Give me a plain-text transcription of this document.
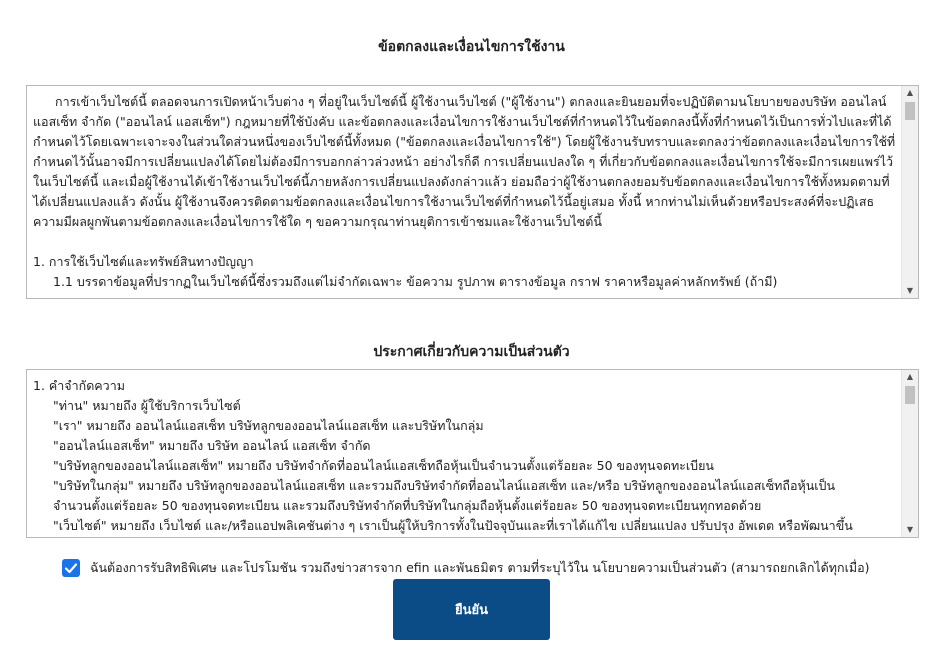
ข้อตกลงและเงื่อนไขการใช้งาน

การเข้าเว็บไซต์นี้ ตลอดจนการเปิดหน้าเว็บต่าง ๆ ที่อยู่ในเว็บไซต์นี้ ผู้ใช้งานเว็บไซต์ ("ผู้ใช้งาน") ตกลงและยินยอมที่จะปฏิบัติตามนโยบายของบริษัท ออนไลน์ แอสเซ็ท จำกัด ("ออนไลน์ แอสเซ็ท") กฎหมายที่ใช้บังคับ และข้อตกลงและเงื่อนไขการใช้งานเว็บไซต์ที่กำหนดไว้ในข้อตกลงนี้ทั้งที่กำหนดไว้เป็นการทั่วไปและที่ได้กำหนดไว้โดยเฉพาะเจาะจงในส่วนใดส่วนหนึ่งของเว็บไซต์นี้ทั้งหมด ("ข้อตกลงและเงื่อนไขการใช้") โดยผู้ใช้งานรับทราบและตกลงว่าข้อตกลงและเงื่อนไขการใช้ที่กำหนดไว้นั้นอาจมีการเปลี่ยนแปลงได้โดยไม่ต้องมีการบอกกล่าวล่วงหน้า อย่างไรก็ดี การเปลี่ยนแปลงใด ๆ ที่เกี่ยวกับข้อตกลงและเงื่อนไขการใช้จะมีการเผยแพร่ไว้ในเว็บไซต์นี้ และเมื่อผู้ใช้งานได้เข้าใช้งานเว็บไซต์นี้ภายหลังการเปลี่ยนแปลงดังกล่าวแล้ว ย่อมถือว่าผู้ใช้งานตกลงยอมรับข้อตกลงและเงื่อนไขการใช้ทั้งหมดตามที่ได้เปลี่ยนแปลงแล้ว ดังนั้น ผู้ใช้งานจึงควรติดตามข้อตกลงและเงื่อนไขการใช้งานเว็บไซต์ที่กำหนดไว้นี้อยู่เสมอ ทั้งนี้ หากท่านไม่เห็นด้วยหรือประสงค์ที่จะปฏิเสธความมีผลผูกพันตามข้อตกลงและเงื่อนไขการใช้ใด ๆ ขอความกรุณาท่านยุติการเข้าชมและใช้งานเว็บไซต์นี้

1. การใช้เว็บไซต์และทรัพย์สินทางปัญญา

1.1 บรรดาข้อมูลที่ปรากฏในเว็บไซต์นี้ซึ่งรวมถึงแต่ไม่จำกัดเฉพาะ ข้อความ รูปภาพ ตารางข้อมูล กราฟ ราคาหรือมูลค่าหลักทรัพย์ (ถ้ามี)

▲
▼
ประกาศเกี่ยวกับความเป็นส่วนตัว

1. คำจำกัดความ

"ท่าน" หมายถึง ผู้ใช้บริการเว็บไซต์

"เรา" หมายถึง ออนไลน์แอสเซ็ท บริษัทลูกของออนไลน์แอสเซ็ท และบริษัทในกลุ่ม

"ออนไลน์แอสเซ็ท" หมายถึง บริษัท ออนไลน์ แอสเซ็ท จำกัด

"บริษัทลูกของออนไลน์แอสเซ็ท" หมายถึง บริษัทจำกัดที่ออนไลน์แอสเซ็ทถือหุ้นเป็นจำนวนตั้งแต่ร้อยละ 50 ของทุนจดทะเบียน

"บริษัทในกลุ่ม" หมายถึง บริษัทลูกของออนไลน์แอสเซ็ท และรวมถึงบริษัทจำกัดที่ออนไลน์แอสเซ็ท และ/หรือ บริษัทลูกของออนไลน์แอสเซ็ทถือหุ้นเป็น

จำนวนตั้งแต่ร้อยละ 50 ของทุนจดทะเบียน และรวมถึงบริษัทจำกัดที่บริษัทในกลุ่มถือหุ้นตั้งแต่ร้อยละ 50 ของทุนจดทะเบียนทุกทอดด้วย

"เว็บไซต์" หมายถึง เว็บไซต์ และ/หรือแอปพลิเคชันต่าง ๆ เราเป็นผู้ให้บริการทั้งในปัจจุบันและที่เราได้แก้ไข เปลี่ยนแปลง ปรับปรุง อัพเดต หรือพัฒนาขึ้น

▲
▼
ฉันต้องการรับสิทธิพิเศษ และโปรโมชัน รวมถึงข่าวสารจาก efin และพันธมิตร ตามที่ระบุไว้ใน นโยบายความเป็นส่วนตัว (สามารถยกเลิกได้ทุกเมื่อ)
ยืนยัน
